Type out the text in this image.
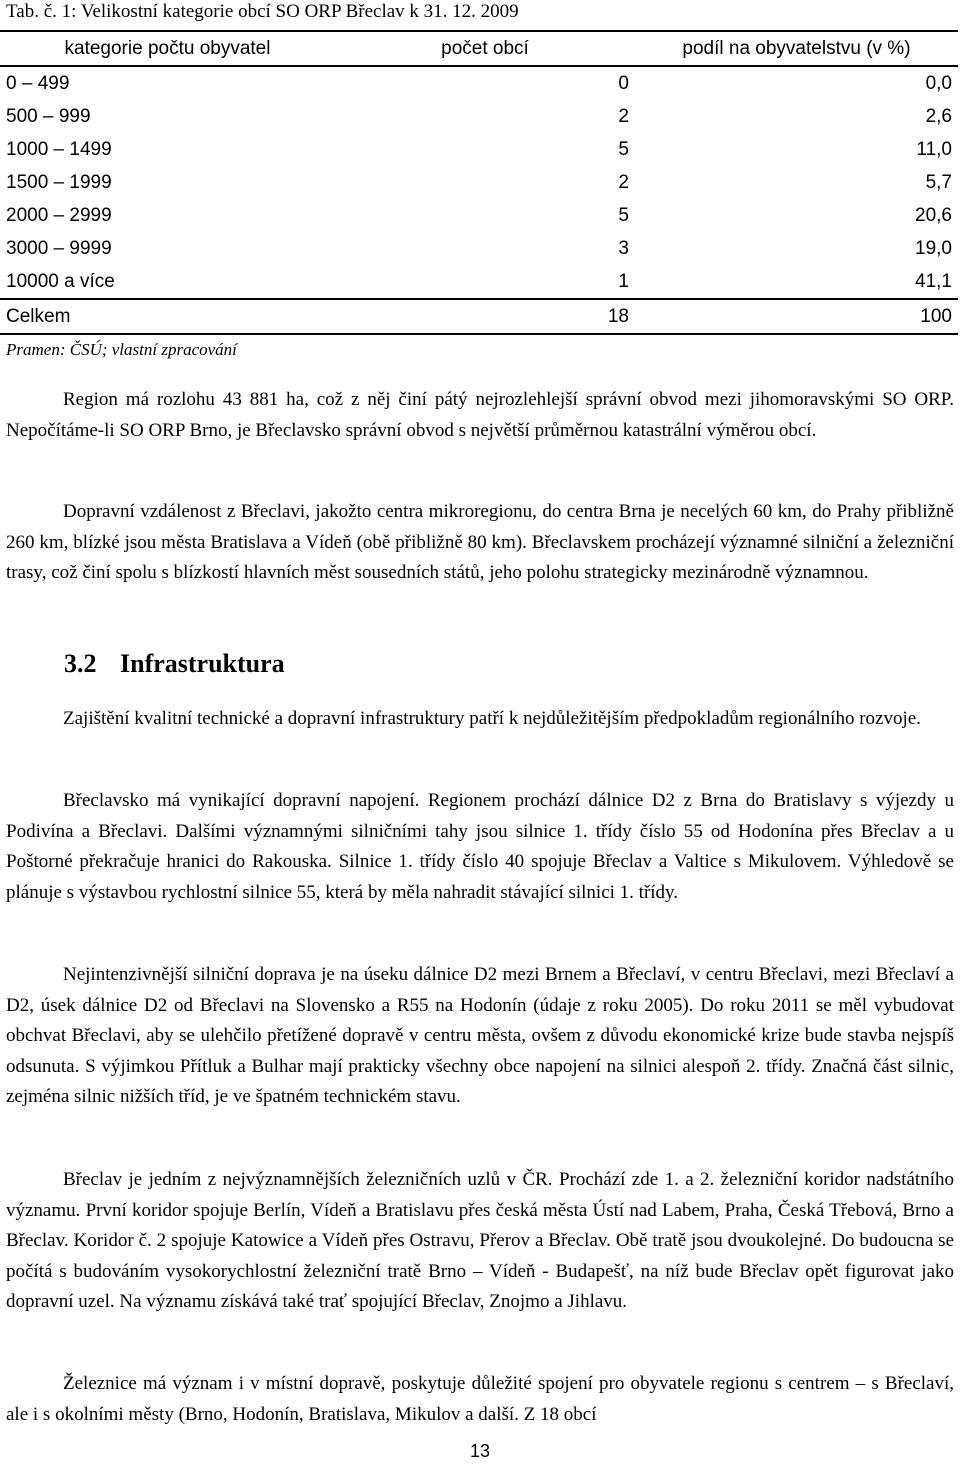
Tab. č. 1: Velikostní kategorie obcí SO ORP Břeclav k 31. 12. 2009
kategorie počtu obyvatel	počet obcí	podíl na obyvatelstvu (v %)
0 – 499	0	0,0
500 – 999	2	2,6
1000 – 1499	5	11,0
1500 – 1999	2	5,7
2000 – 2999	5	20,6
3000 – 9999	3	19,0
10000 a více	1	41,1
Celkem	18	100
Pramen: ČSÚ; vlastní zpracování

Region má rozlohu 43 881 ha, což z něj činí pátý nejrozlehlejší správní obvod mezi jihomoravskými SO ORP. Nepočítáme-li SO ORP Brno, je Břeclavsko správní obvod s největší průměrnou katastrální výměrou obcí.

Dopravní vzdálenost z Břeclavi, jakožto centra mikroregionu, do centra Brna je necelých 60 km, do Prahy přibližně 260 km, blízké jsou města Bratislava a Vídeň (obě přibližně 80 km). Břeclavskem procházejí významné silniční a železniční trasy, což činí spolu s blízkostí hlavních měst sousedních států, jeho polohu strategicky mezinárodně významnou.

3.2 Infrastruktura

Zajištění kvalitní technické a dopravní infrastruktury patří k nejdůležitějším předpokladům regionálního rozvoje.

Břeclavsko má vynikající dopravní napojení. Regionem prochází dálnice D2 z Brna do Bratislavy s výjezdy u Podivína a Břeclavi. Dalšími významnými silničními tahy jsou silnice 1. třídy číslo 55 od Hodonína přes Břeclav a u Poštorné překračuje hranici do Rakouska. Silnice 1. třídy číslo 40 spojuje Břeclav a Valtice s Mikulovem. Výhledově se plánuje s výstavbou rychlostní silnice 55, která by měla nahradit stávající silnici 1. třídy.

Nejintenzivnější silniční doprava je na úseku dálnice D2 mezi Brnem a Břeclaví, v centru Břeclavi, mezi Břeclaví a D2, úsek dálnice D2 od Břeclavi na Slovensko a R55 na Hodonín (údaje z roku 2005). Do roku 2011 se měl vybudovat obchvat Břeclavi, aby se ulehčilo přetížené dopravě v centru města, ovšem z důvodu ekonomické krize bude stavba nejspíš odsunuta. S výjimkou Přítluk a Bulhar mají prakticky všechny obce napojení na silnici alespoň 2. třídy. Značná část silnic, zejména silnic nižších tříd, je ve špatném technickém stavu.

Břeclav je jedním z nejvýznamnějších železničních uzlů v ČR. Prochází zde 1. a 2. železniční koridor nadstátního významu. První koridor spojuje Berlín, Vídeň a Bratislavu přes česká města Ústí nad Labem, Praha, Česká Třebová, Brno a Břeclav. Koridor č. 2 spojuje Katowice a Vídeň přes Ostravu, Přerov a Břeclav. Obě tratě jsou dvoukolejné. Do budoucna se počítá s budováním vysokorychlostní železniční tratě Brno – Vídeň - Budapešť, na níž bude Břeclav opět figurovat jako dopravní uzel. Na významu získává také trať spojující Břeclav, Znojmo a Jihlavu.

Železnice má význam i v místní dopravě, poskytuje důležité spojení pro obyvatele regionu s centrem – s Břeclaví, ale i s okolními městy (Brno, Hodonín, Bratislava, Mikulov a další. Z 18 obcí

13
